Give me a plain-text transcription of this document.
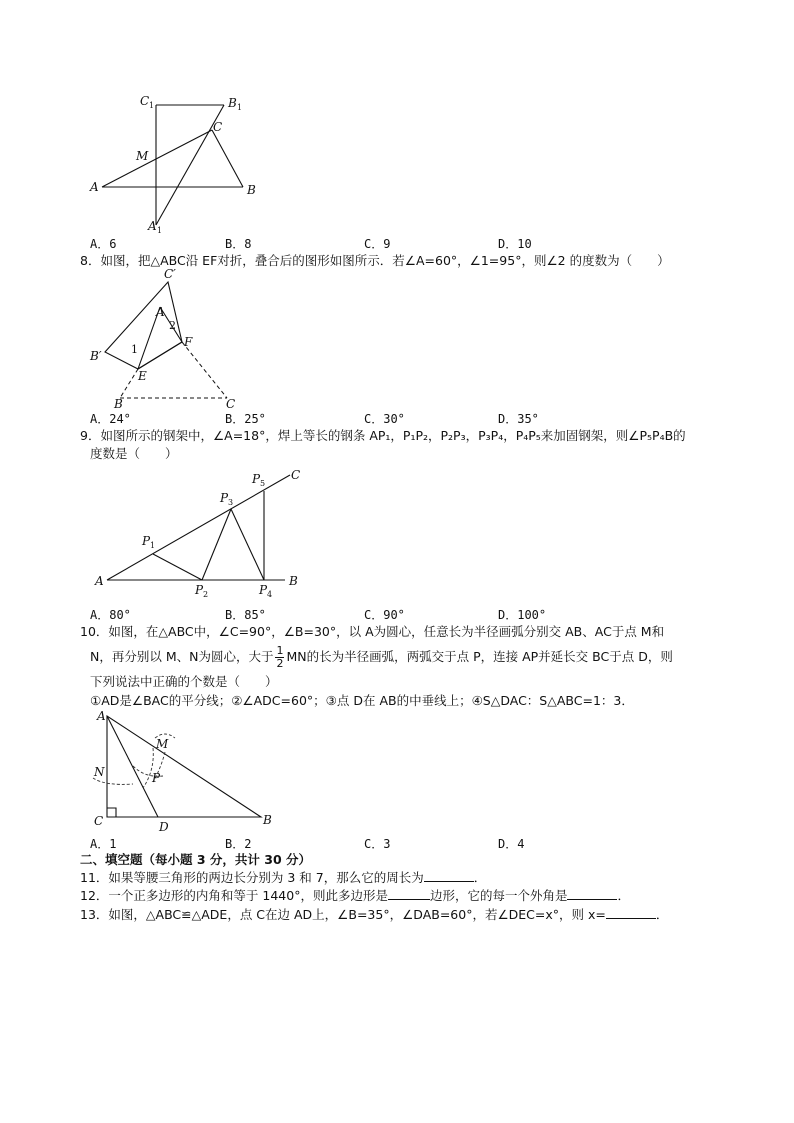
C 1	B 1
C
M
A	B
A 1
A．6	B．8	C．9	D．10
8．如图，把△ABC沿 EF对折，叠合后的图形如图所示．若∠A=60°，∠1=95°，则∠2 的度数为（　　）
C′
A
2
F
B′	1
E
B	C
A．24°	B．25°	C．30°	D．35°
9．如图所示的钢架中，∠A=18°，焊上等长的钢条 AP₁，P₁P₂，P₂P₃，P₃P₄，P₄P₅来加固钢架，则∠P₅P₄B的
度数是（　　）
P 5
C
P 3
P 1
A
P 2	P 4
B
A．80°	B．85°	C．90°	D．100°
10．如图，在△ABC中，∠C=90°，∠B=30°，以 A为圆心，任意长为半径画弧分别交 AB、AC于点 M和
N，再分别以 M、N为圆心，大于 $\frac{1}{2}$ MN的长为半径画弧，两弧交于点 P，连接 AP并延长交 BC于点 D，则
下列说法中正确的个数是（　　）
①AD是∠BAC的平分线；②∠ADC=60°；③点 D在 AB的中垂线上；④S△DAC：S△ABC=1：3．
A
M
N	P
C	D	B
A．1	B．2	C．3	D．4
二、填空题（每小题 3 分，共计 30 分）
11．如果等腰三角形的两边长分别为 3 和 7，那么它的周长为	．
12．一个正多边形的内角和等于 1440°，则此多边形是	边形，它的每一个外角是	．
13．如图，△ABC≌△ADE，点 C在边 AD上，∠B=35°，∠DAB=60°，若∠DEC=x°，则 x=	．
